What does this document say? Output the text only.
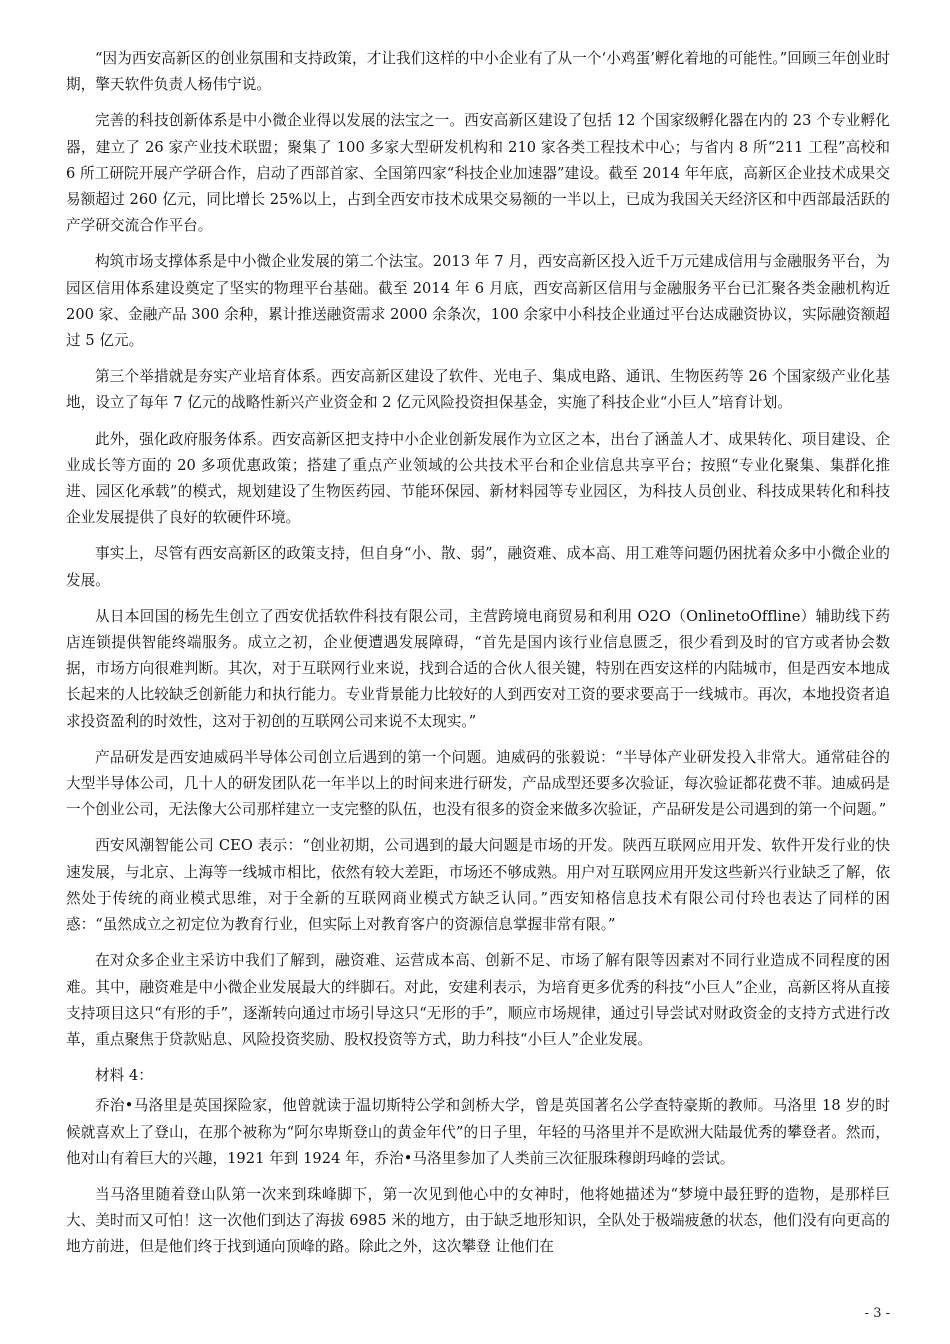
“因为西安高新区的创业氛围和支持政策，才让我们这样的中小企业有了从一个‘小鸡蛋’孵化着地的可能性。”回顾三年创业时期，擎天软件负责人杨伟宁说。

完善的科技创新体系是中小微企业得以发展的法宝之一。西安高新区建设了包括 12 个国家级孵化器在内的 23 个专业孵化器，建立了 26 家产业技术联盟；聚集了 100 多家大型研发机构和 210 家各类工程技术中心；与省内 8 所“211 工程”高校和 6 所工研院开展产学研合作，启动了西部首家、全国第四家“科技企业加速器”建设。截至 2014 年年底，高新区企业技术成果交易额超过 260 亿元，同比增长 25%以上，占到全西安市技术成果交易额的一半以上，已成为我国关天经济区和中西部最活跃的产学研交流合作平台。

构筑市场支撑体系是中小微企业发展的第二个法宝。2013 年 7 月，西安高新区投入近千万元建成信用与金融服务平台，为园区信用体系建设奠定了坚实的物理平台基础。截至 2014 年 6 月底，西安高新区信用与金融服务平台已汇聚各类金融机构近 200 家、金融产品 300 余种，累计推送融资需求 2000 余条次，100 余家中小科技企业通过平台达成融资协议，实际融资额超过 5 亿元。

第三个举措就是夯实产业培育体系。西安高新区建设了软件、光电子、集成电路、通讯、生物医药等 26 个国家级产业化基地，设立了每年 7 亿元的战略性新兴产业资金和 2 亿元风险投资担保基金，实施了科技企业“小巨人”培育计划。

此外，强化政府服务体系。西安高新区把支持中小企业创新发展作为立区之本，出台了涵盖人才、成果转化、项目建设、企业成长等方面的 20 多项优惠政策；搭建了重点产业领域的公共技术平台和企业信息共享平台；按照“专业化聚集、集群化推进、园区化承载”的模式，规划建设了生物医药园、节能环保园、新材料园等专业园区，为科技人员创业、科技成果转化和科技企业发展提供了良好的软硬件环境。

事实上，尽管有西安高新区的政策支持，但自身“小、散、弱”，融资难、成本高、用工难等问题仍困扰着众多中小微企业的发展。

从日本回国的杨先生创立了西安优括软件科技有限公司，主营跨境电商贸易和利用 O2O（OnlinetoOffline）辅助线下药店连锁提供智能终端服务。成立之初，企业便遭遇发展障碍，“首先是国内该行业信息匮乏，很少看到及时的官方或者协会数据，市场方向很难判断。其次，对于互联网行业来说，找到合适的合伙人很关键，特别在西安这样的内陆城市，但是西安本地成长起来的人比较缺乏创新能力和执行能力。专业背景能力比较好的人到西安对工资的要求要高于一线城市。再次，本地投资者追求投资盈利的时效性，这对于初创的互联网公司来说不太现实。”

产品研发是西安迪威码半导体公司创立后遇到的第一个问题。迪威码的张毅说：“半导体产业研发投入非常大。通常硅谷的大型半导体公司，几十人的研发团队花一年半以上的时间来进行研发，产品成型还要多次验证，每次验证都花费不菲。迪威码是一个创业公司，无法像大公司那样建立一支完整的队伍，也没有很多的资金来做多次验证，产品研发是公司遇到的第一个问题。”

西安风潮智能公司 CEO 表示：“创业初期，公司遇到的最大问题是市场的开发。陕西互联网应用开发、软件开发行业的快速发展，与北京、上海等一线城市相比，依然有较大差距，市场还不够成熟。用户对互联网应用开发这些新兴行业缺乏了解，依然处于传统的商业模式思维，对于全新的互联网商业模式方缺乏认同。”西安知格信息技术有限公司付玲也表达了同样的困惑：“虽然成立之初定位为教育行业，但实际上对教育客户的资源信息掌握非常有限。”

在对众多企业主采访中我们了解到，融资难、运营成本高、创新不足、市场了解有限等因素对不同行业造成不同程度的困难。其中，融资难是中小微企业发展最大的绊脚石。对此，安建利表示，为培育更多优秀的科技“小巨人”企业，高新区将从直接支持项目这只“有形的手”，逐渐转向通过市场引导这只“无形的手”，顺应市场规律，通过引导尝试对财政资金的支持方式进行改革，重点聚焦于贷款贴息、风险投资奖励、股权投资等方式，助力科技“小巨人”企业发展。

材料 4：

乔治•马洛里是英国探险家，他曾就读于温切斯特公学和剑桥大学，曾是英国著名公学查特豪斯的教师。马洛里 18 岁的时候就喜欢上了登山，在那个被称为“阿尔卑斯登山的黄金年代”的日子里，年轻的马洛里并不是欧洲大陆最优秀的攀登者。然而，他对山有着巨大的兴趣，1921 年到 1924 年，乔治•马洛里参加了人类前三次征服珠穆朗玛峰的尝试。

当马洛里随着登山队第一次来到珠峰脚下，第一次见到他心中的女神时，他将她描述为“梦境中最狂野的造物，是那样巨大、美时而又可怕！这一次他们到达了海拔 6985 米的地方，由于缺乏地形知识，全队处于极端疲惫的状态，他们没有向更高的地方前进，但是他们终于找到通向顶峰的路。除此之外，这次攀登 让他们在

- 3 -
